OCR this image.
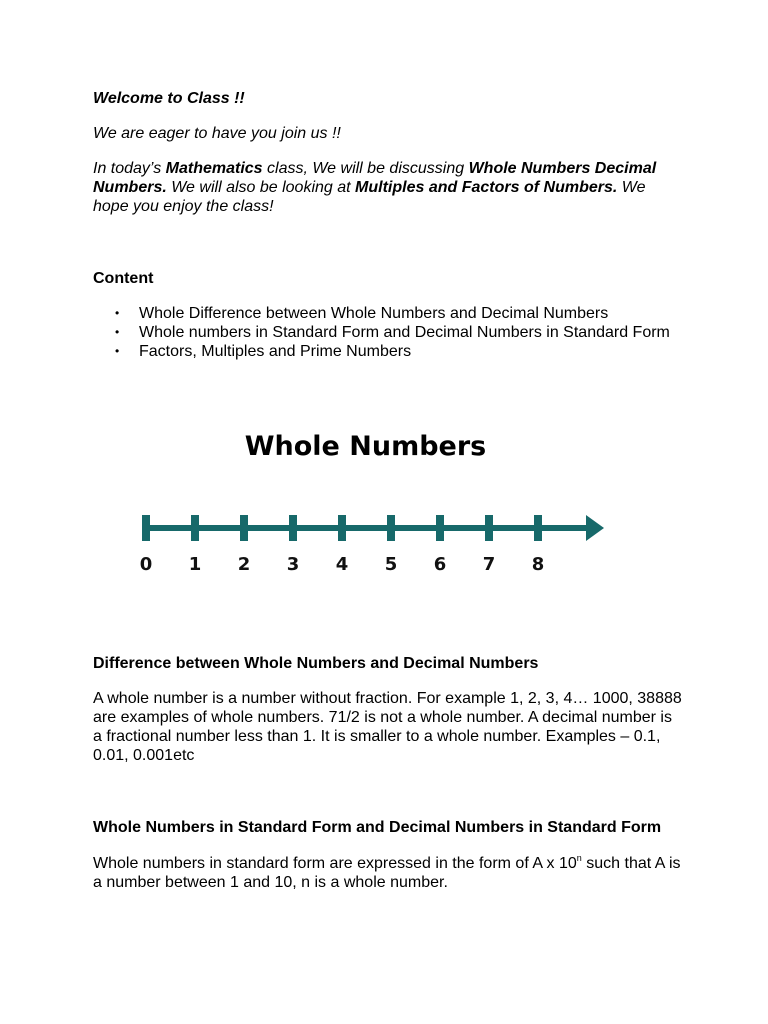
Welcome to Class !!

We are eager to have you join us !!

In today’s Mathematics class, We will be discussing Whole Numbers Decimal Numbers. We will also be looking at Multiples and Factors of Numbers. We hope you enjoy the class!

Content

• Whole Difference between Whole Numbers and Decimal Numbers
• Whole numbers in Standard Form and Decimal Numbers in Standard Form
• Factors, Multiples and Prime Numbers
Whole Numbers
0 1 2 3 4 5 6 7 8

Difference between Whole Numbers and Decimal Numbers

A whole number is a number without fraction. For example 1, 2, 3, 4… 1000, 38888 are examples of whole numbers. 71/2 is not a whole number. A decimal number is a fractional number less than 1. It is smaller to a whole number. Examples – 0.1, 0.01, 0.001etc

Whole Numbers in Standard Form and Decimal Numbers in Standard Form

Whole numbers in standard form are expressed in the form of A x 10$^n$ such that A is a number between 1 and 10, n is a whole number.
